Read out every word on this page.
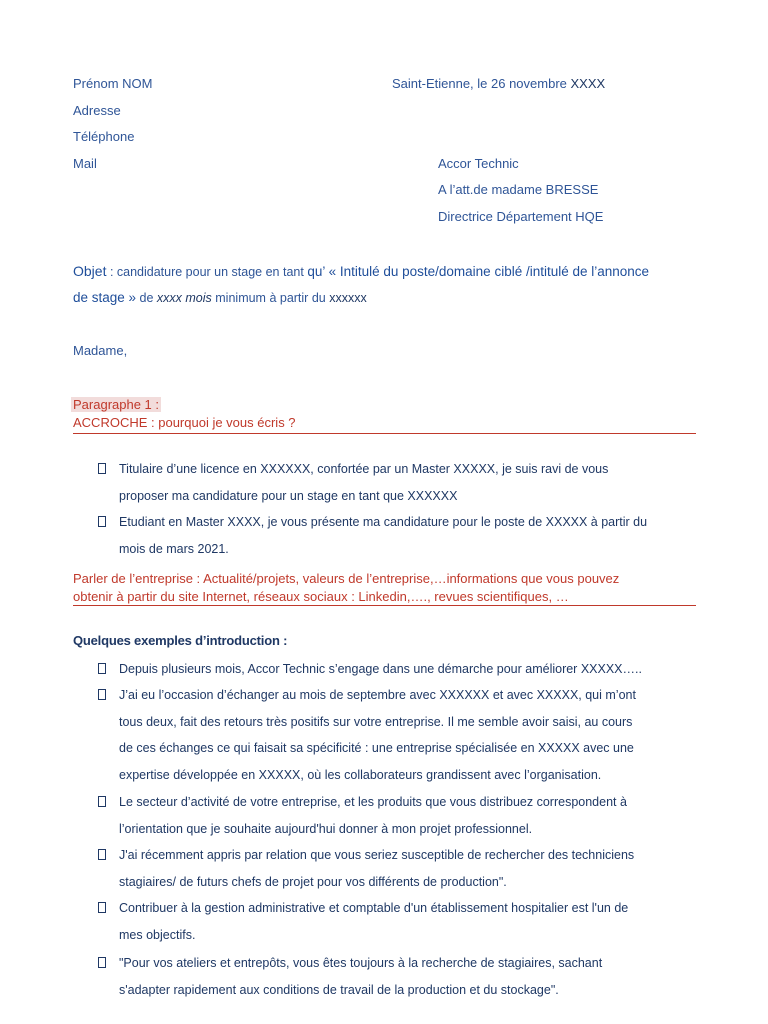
Prénom NOM
Adresse
Téléphone
Mail
Saint-Etienne, le 26 novembre XXXX
Accor Technic
A l’att.de madame BRESSE
Directrice Département HQE
Objet : candidature pour un stage en tant qu’ « Intitulé du poste/domaine ciblé /intitulé de l’annonce
de stage » de xxxx mois minimum à partir du xxxxxx
Madame,
Paragraphe 1 :
ACCROCHE : pourquoi je vous écris ?
Titulaire d’une licence en XXXXXX, confortée par un Master XXXXX, je suis ravi de vous
proposer ma candidature pour un stage en tant que XXXXXX
Etudiant en Master XXXX, je vous présente ma candidature pour le poste de XXXXX à partir du
mois de mars 2021.
Parler de l’entreprise : Actualité/projets, valeurs de l’entreprise,…informations que vous pouvez
obtenir à partir du site Internet, réseaux sociaux : Linkedin,…., revues scientifiques, …
Quelques exemples d’introduction :
Depuis plusieurs mois, Accor Technic s’engage dans une démarche pour améliorer XXXXX…..
J’ai eu l’occasion d’échanger au mois de septembre avec XXXXXX et avec XXXXX, qui m’ont
tous deux, fait des retours très positifs sur votre entreprise. Il me semble avoir saisi, au cours
de ces échanges ce qui faisait sa spécificité : une entreprise spécialisée en XXXXX avec une
expertise développée en XXXXX, où les collaborateurs grandissent avec l’organisation.
Le secteur d’activité de votre entreprise, et les produits que vous distribuez correspondent à
l’orientation que je souhaite aujourd'hui donner à mon projet professionnel.
J'ai récemment appris par relation que vous seriez susceptible de rechercher des techniciens
stagiaires/ de futurs chefs de projet pour vos différents de production".
Contribuer à la gestion administrative et comptable d'un établissement hospitalier est l'un de
mes objectifs.
"Pour vos ateliers et entrepôts, vous êtes toujours à la recherche de stagiaires, sachant
s'adapter rapidement aux conditions de travail de la production et du stockage".
